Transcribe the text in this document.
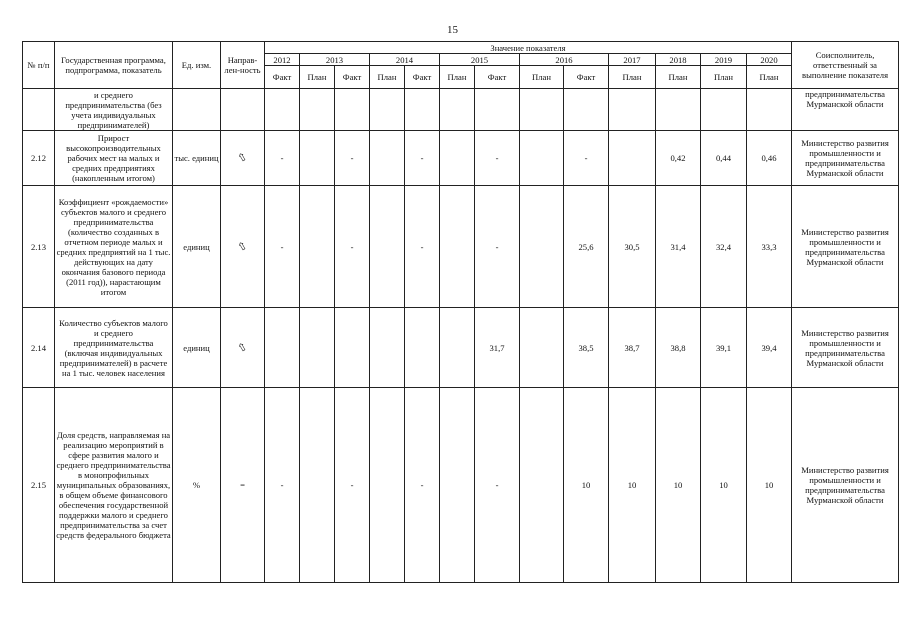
15
№ п/п	Государственная программа, подпрограмма, показатель	Ед. изм.	Направ-лен-ность	Значение показателя													Соисполнитель, ответственный за выполнение показателя
				2012	2013		2014		2015		2016		2017	2018	2019	2020	
				Факт	План	Факт	План	Факт	План	Факт	План	Факт	План	План	План	План	
	и среднего предпринимательства (без учета индивидуальных предпринимателей)																предпринимательства Мурманской области
2.12	Прирост высокопроизводительных рабочих мест на малых и средних предприятиях (накопленным итогом)	тыс. единиц	⇧	-		-		-		-		-		0,42	0,44	0,46	Министерство развития промышленности и предпринимательства Мурманской области
2.13	Коэффициент «рождаемости» субъектов малого и среднего предпринимательства (количество созданных в отчетном периоде малых и средних предприятий на 1 тыс. действующих на дату окончания базового периода (2011 год)), нарастающим итогом	единиц	⇧	-		-		-		-		25,6	30,5	31,4	32,4	33,3	Министерство развития промышленности и предпринимательства Мурманской области
2.14	Количество субъектов малого и среднего предпринимательства (включая индивидуальных предпринимателей) в расчете на 1 тыс. человек населения	единиц	⇧							31,7		38,5	38,7	38,8	39,1	39,4	Министерство развития промышленности и предпринимательства Мурманской области
2.15	Доля средств, направляемая на реализацию мероприятий в сфере развития малого и среднего предпринимательства в монопрофильных муниципальных образованиях, в общем объеме финансового обеспечения государственной поддержки малого и среднего предпринимательства за счет средств федерального бюджета	%	=	-		-		-		-		10	10	10	10	10	Министерство развития промышленности и предпринимательства Мурманской области
